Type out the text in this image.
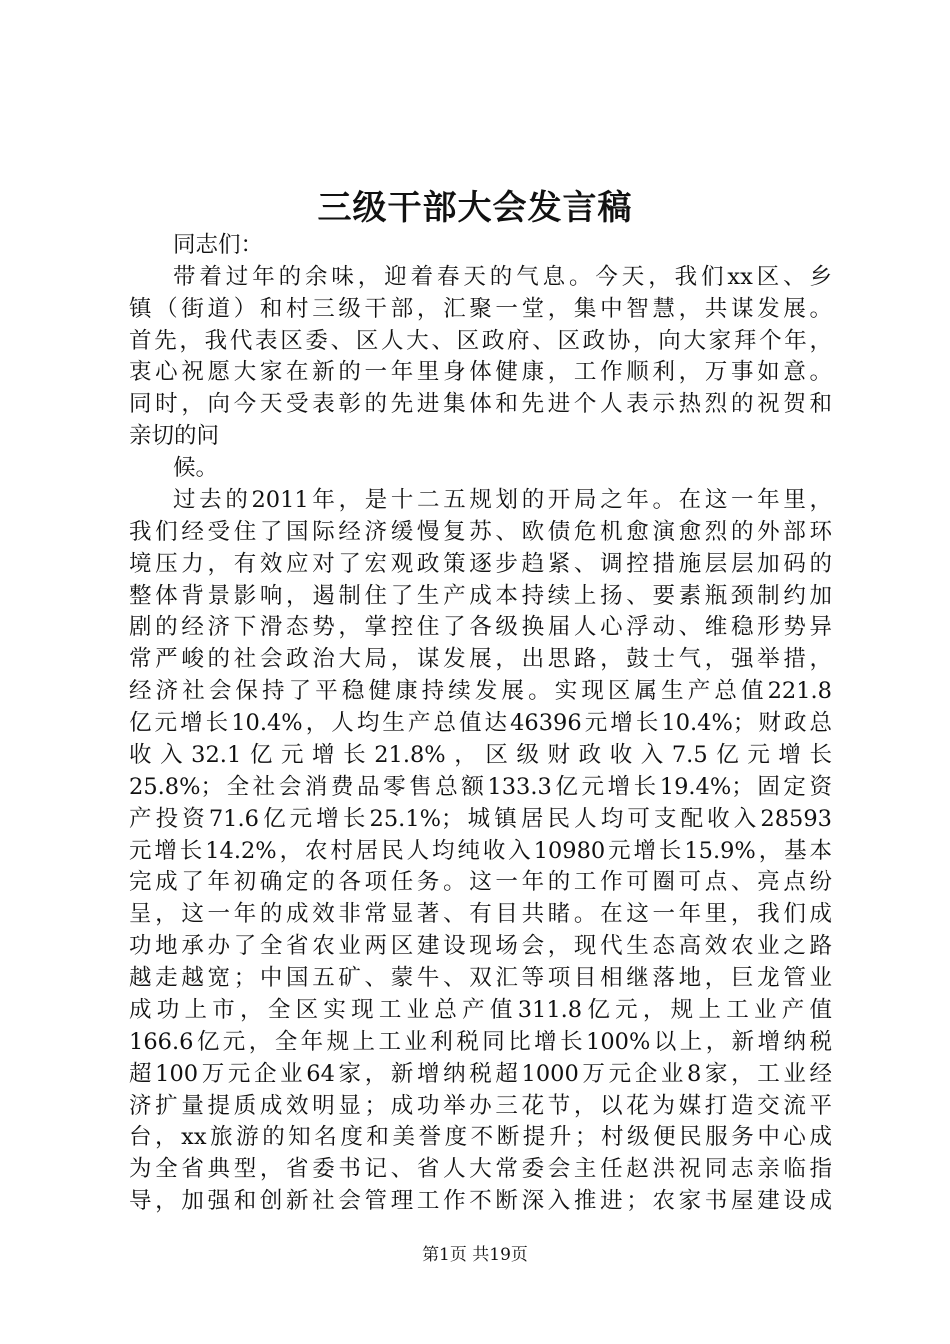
三级干部大会发言稿
同志们：
带着过年的余味，迎着春天的气息。今天，我们xx区、乡
镇（街道）和村三级干部，汇聚一堂，集中智慧，共谋发展。
首先，我代表区委、区人大、区政府、区政协，向大家拜个年，
衷心祝愿大家在新的一年里身体健康，工作顺利，万事如意。
同时，向今天受表彰的先进集体和先进个人表示热烈的祝贺和
亲切的问
候。
过去的2011年，是十二五规划的开局之年。在这一年里，
我们经受住了国际经济缓慢复苏、欧债危机愈演愈烈的外部环
境压力，有效应对了宏观政策逐步趋紧、调控措施层层加码的
整体背景影响，遏制住了生产成本持续上扬、要素瓶颈制约加
剧的经济下滑态势，掌控住了各级换届人心浮动、维稳形势异
常严峻的社会政治大局，谋发展，出思路，鼓士气，强举措，
经济社会保持了平稳健康持续发展。实现区属生产总值221.8
亿元增长10.4%，人均生产总值达46396元增长10.4%；财政总
收入32.1亿元增长21.8%，区级财政收入7.5亿元增长
25.8%；全社会消费品零售总额133.3亿元增长19.4%；固定资
产投资71.6亿元增长25.1%；城镇居民人均可支配收入28593
元增长14.2%，农村居民人均纯收入10980元增长15.9%，基本
完成了年初确定的各项任务。这一年的工作可圈可点、亮点纷
呈，这一年的成效非常显著、有目共睹。在这一年里，我们成
功地承办了全省农业两区建设现场会，现代生态高效农业之路
越走越宽；中国五矿、蒙牛、双汇等项目相继落地，巨龙管业
成功上市，全区实现工业总产值311.8亿元，规上工业产值
166.6亿元，全年规上工业利税同比增长100%以上，新增纳税
超100万元企业64家，新增纳税超1000万元企业8家，工业经
济扩量提质成效明显；成功举办三花节，以花为媒打造交流平
台，xx旅游的知名度和美誉度不断提升；村级便民服务中心成
为全省典型，省委书记、省人大常委会主任赵洪祝同志亲临指
导，加强和创新社会管理工作不断深入推进；农家书屋建设成
第1页 共19页
